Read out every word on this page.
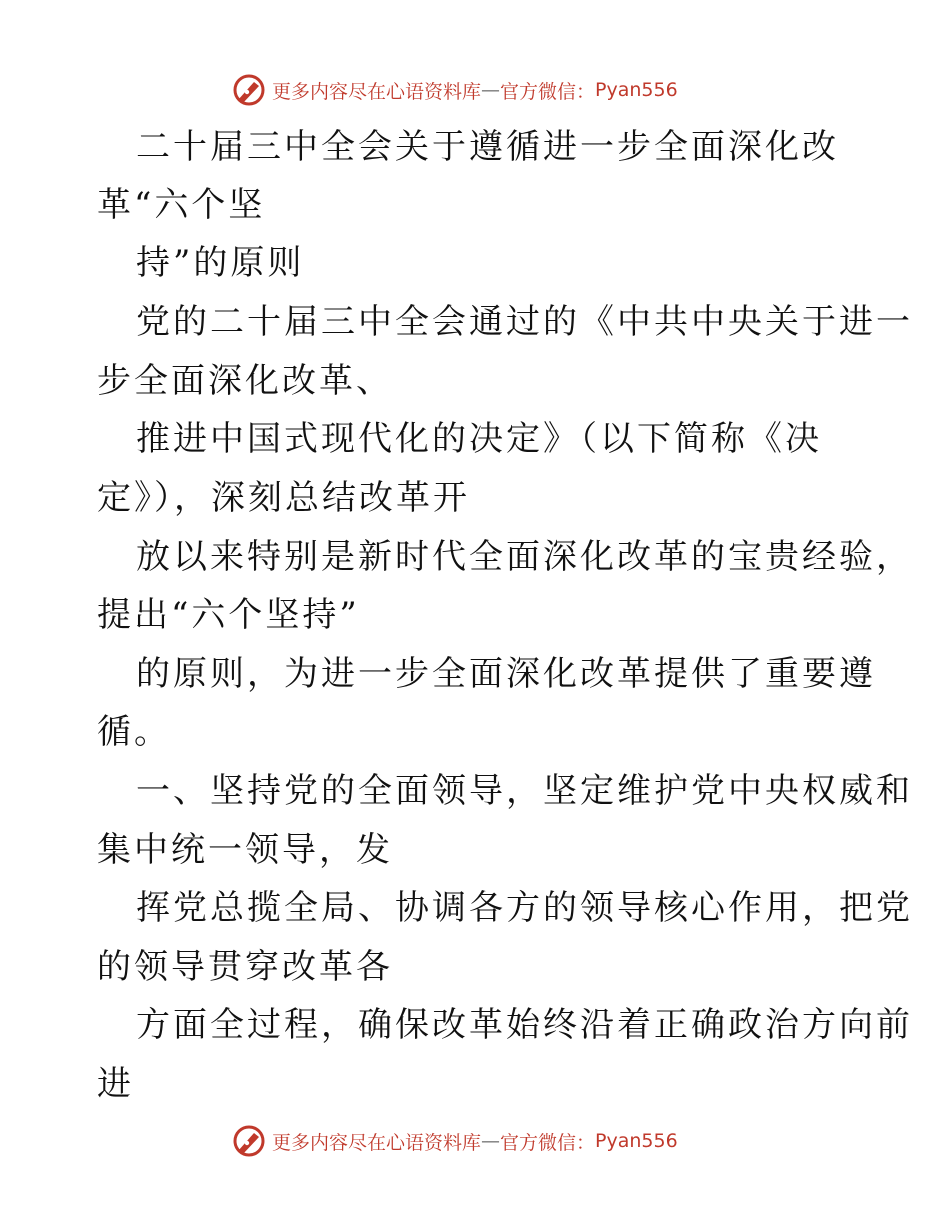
更多内容尽在心语资料库 — 官方微信： Pyan556
二十届三中全会关于遵循进一步全面深化改
革“六个坚
持”的原则
党的二十届三中全会通过的《中共中央关于进一
步全面深化改革、
推进中国式现代化的决定》（以下简称《决
定》），深刻总结改革开
放以来特别是新时代全面深化改革的宝贵经验，
提出“六个坚持”
的原则，为进一步全面深化改革提供了重要遵
循。
一、坚持党的全面领导，坚定维护党中央权威和
集中统一领导，发
挥党总揽全局、协调各方的领导核心作用，把党
的领导贯穿改革各
方面全过程，确保改革始终沿着正确政治方向前
进
更多内容尽在心语资料库 — 官方微信： Pyan556
